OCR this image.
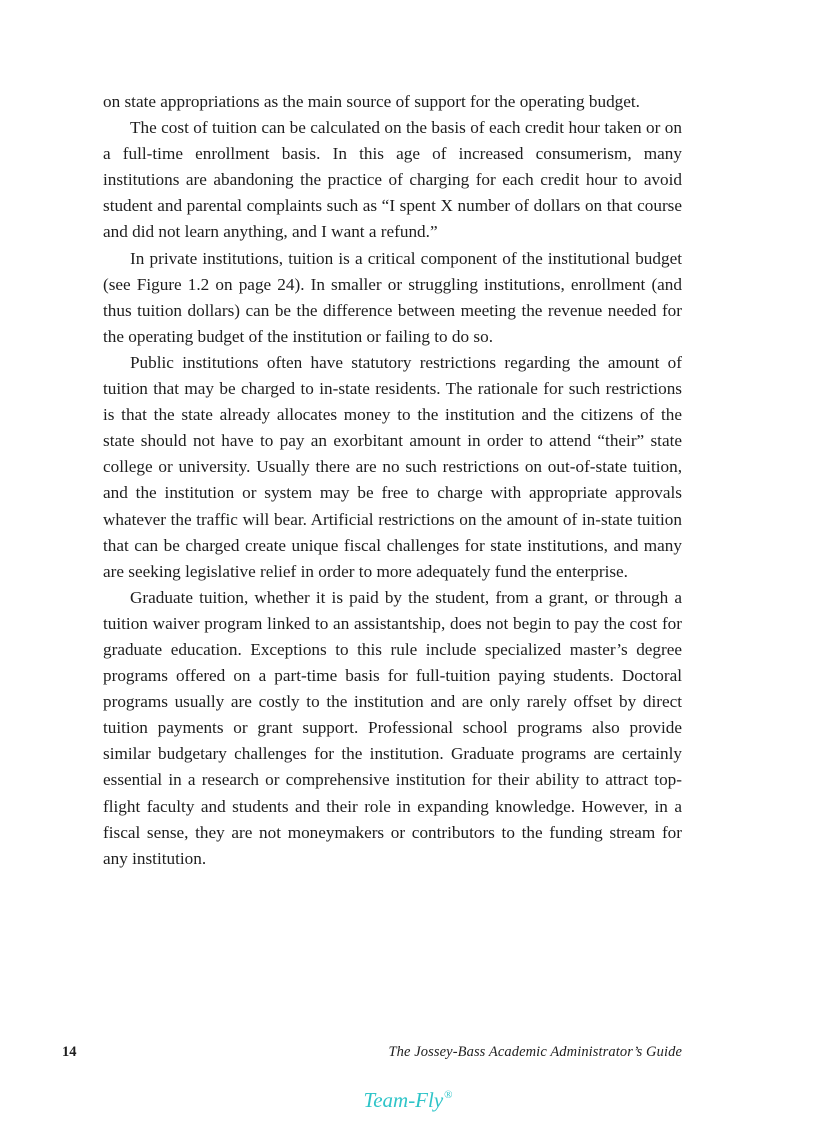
on state appropriations as the main source of support for the operating budget.

The cost of tuition can be calculated on the basis of each credit hour taken or on a full-time enrollment basis. In this age of increased consumerism, many institutions are abandoning the practice of charging for each credit hour to avoid student and parental complaints such as “I spent X number of dollars on that course and did not learn anything, and I want a refund.”

In private institutions, tuition is a critical component of the institutional budget (see Figure 1.2 on page 24). In smaller or struggling institutions, enrollment (and thus tuition dollars) can be the difference between meeting the revenue needed for the operating budget of the institution or failing to do so.

Public institutions often have statutory restrictions regarding the amount of tuition that may be charged to in-state residents. The rationale for such restrictions is that the state already allocates money to the institution and the citizens of the state should not have to pay an exorbitant amount in order to attend “their” state college or university. Usually there are no such restrictions on out-of-state tuition, and the institution or system may be free to charge with appropriate approvals whatever the traffic will bear. Artificial restrictions on the amount of in-state tuition that can be charged create unique fiscal challenges for state institutions, and many are seeking legislative relief in order to more adequately fund the enterprise.

Graduate tuition, whether it is paid by the student, from a grant, or through a tuition waiver program linked to an assistantship, does not begin to pay the cost for graduate education. Exceptions to this rule include specialized master’s degree programs offered on a part-time basis for full-tuition paying students. Doctoral programs usually are costly to the institution and are only rarely offset by direct tuition payments or grant support. Professional school programs also provide similar budgetary challenges for the institution. Graduate programs are certainly essential in a research or comprehensive institution for their ability to attract top-flight faculty and students and their role in expanding knowledge. However, in a fiscal sense, they are not moneymakers or contributors to the funding stream for any institution.

14	The Jossey-Bass Academic Administrator’s Guide
Team-Fly®
